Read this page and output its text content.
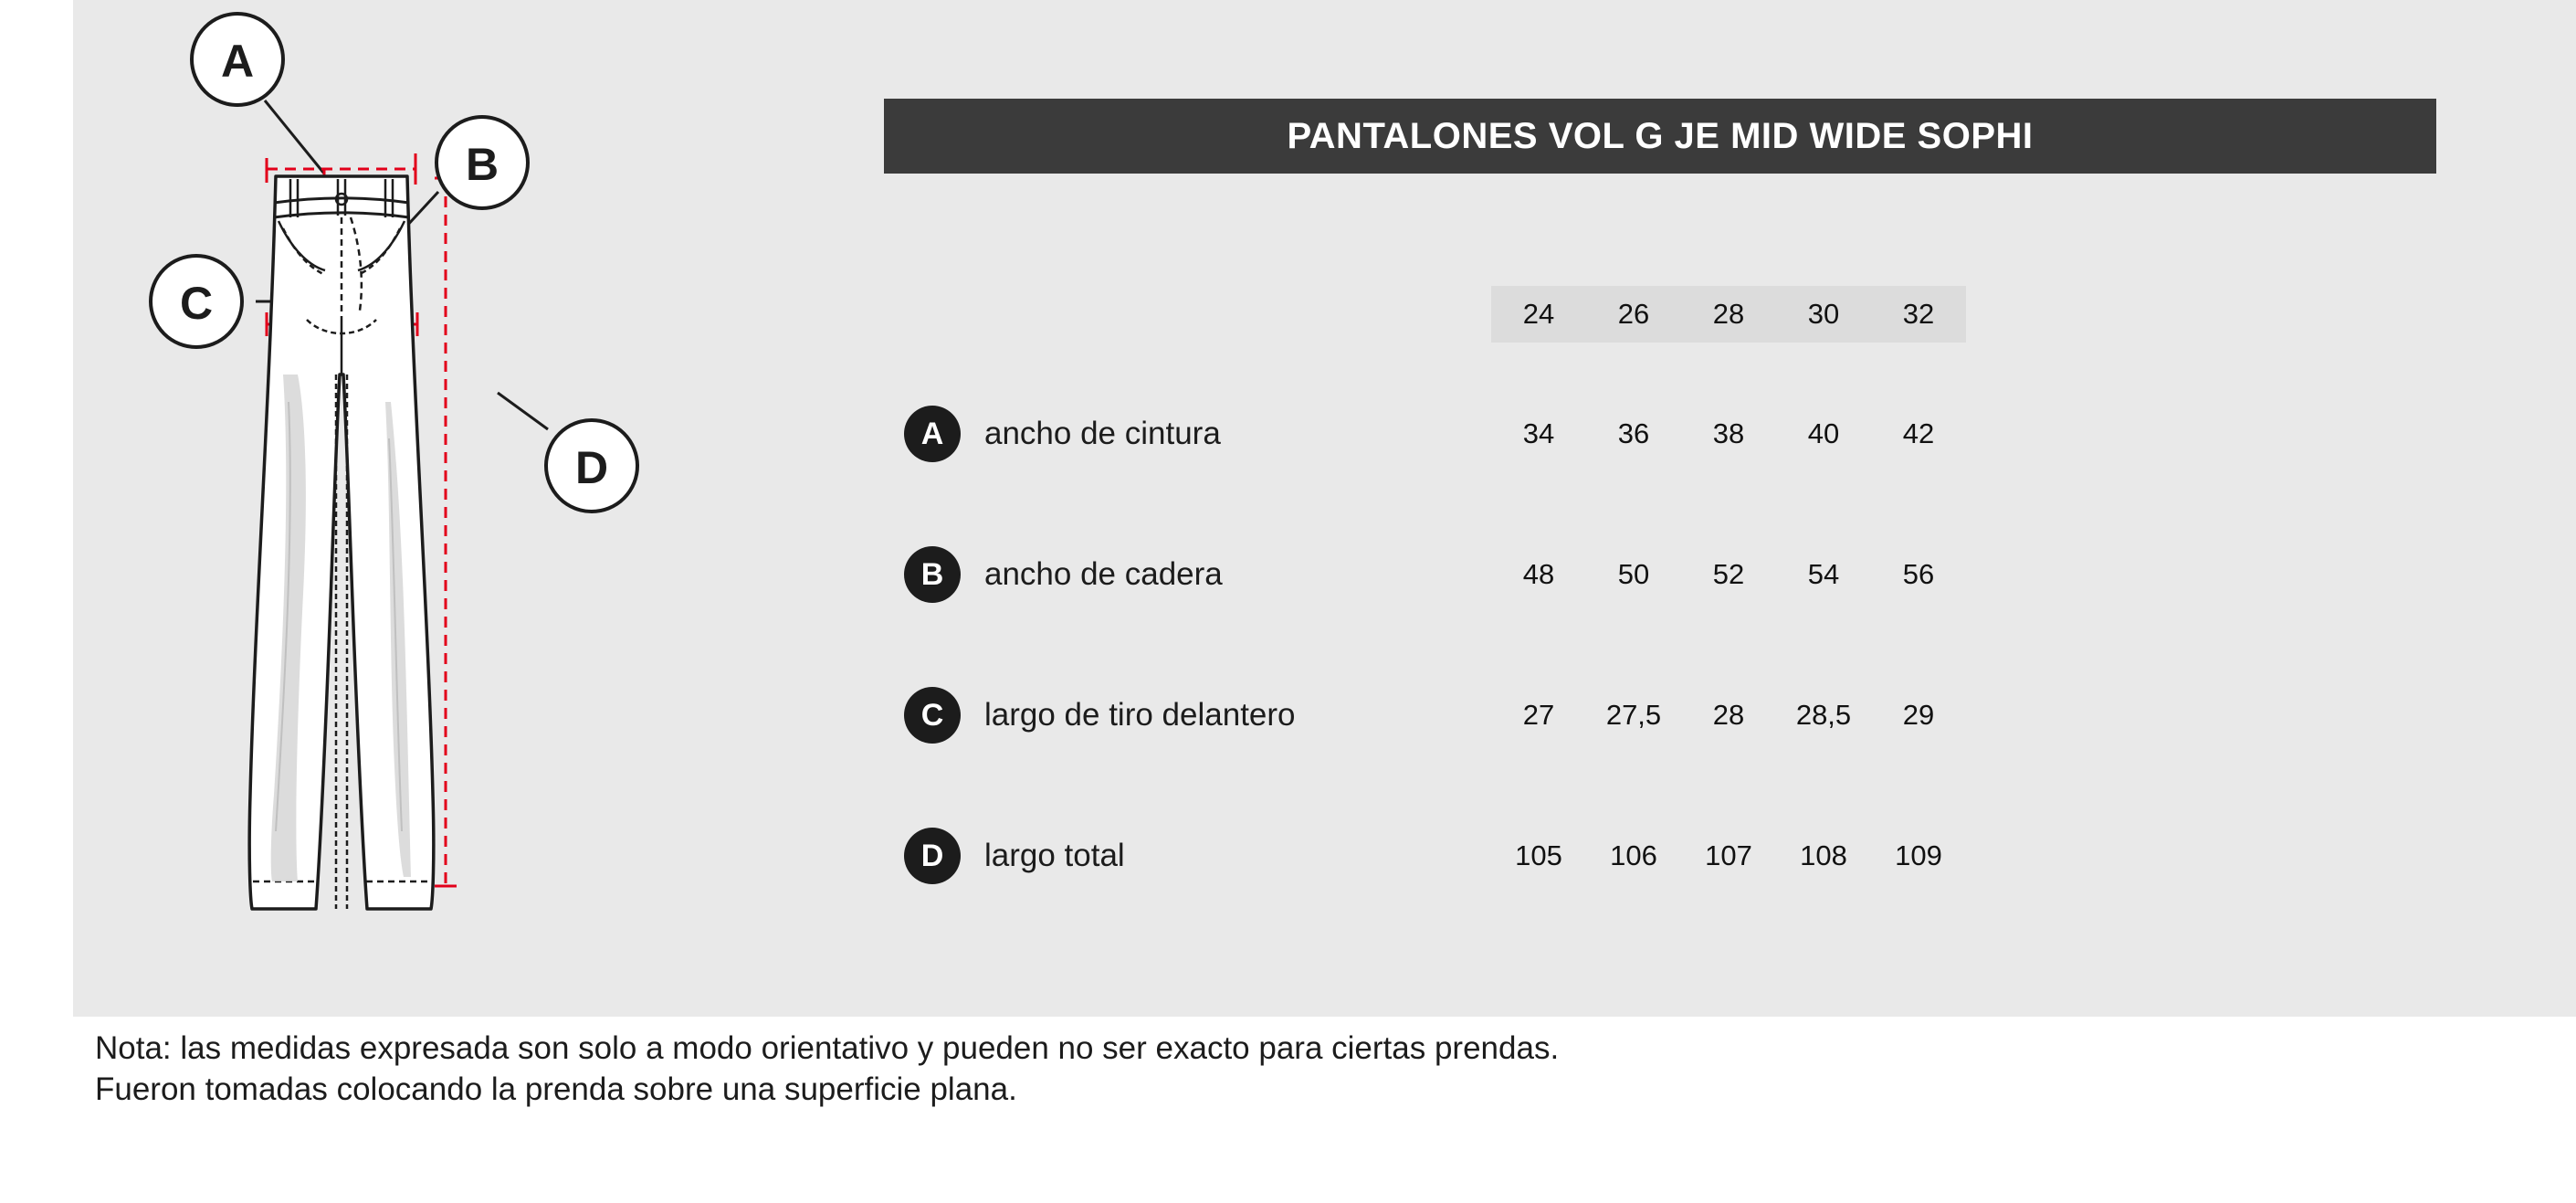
A
B
C
D
PANTALONES VOL G JE MID WIDE SOPHI
24	26	28	30	32
A	ancho de cintura	34	36	38	40	42
B	ancho de cadera	48	50	52	54	56
C	largo de tiro delantero	27	27,5	28	28,5	29
D	largo total	105	106	107	108	109
Nota: las medidas expresada son solo a modo orientativo y pueden no ser exacto para ciertas prendas.
Fueron tomadas colocando la prenda sobre una superficie plana.
